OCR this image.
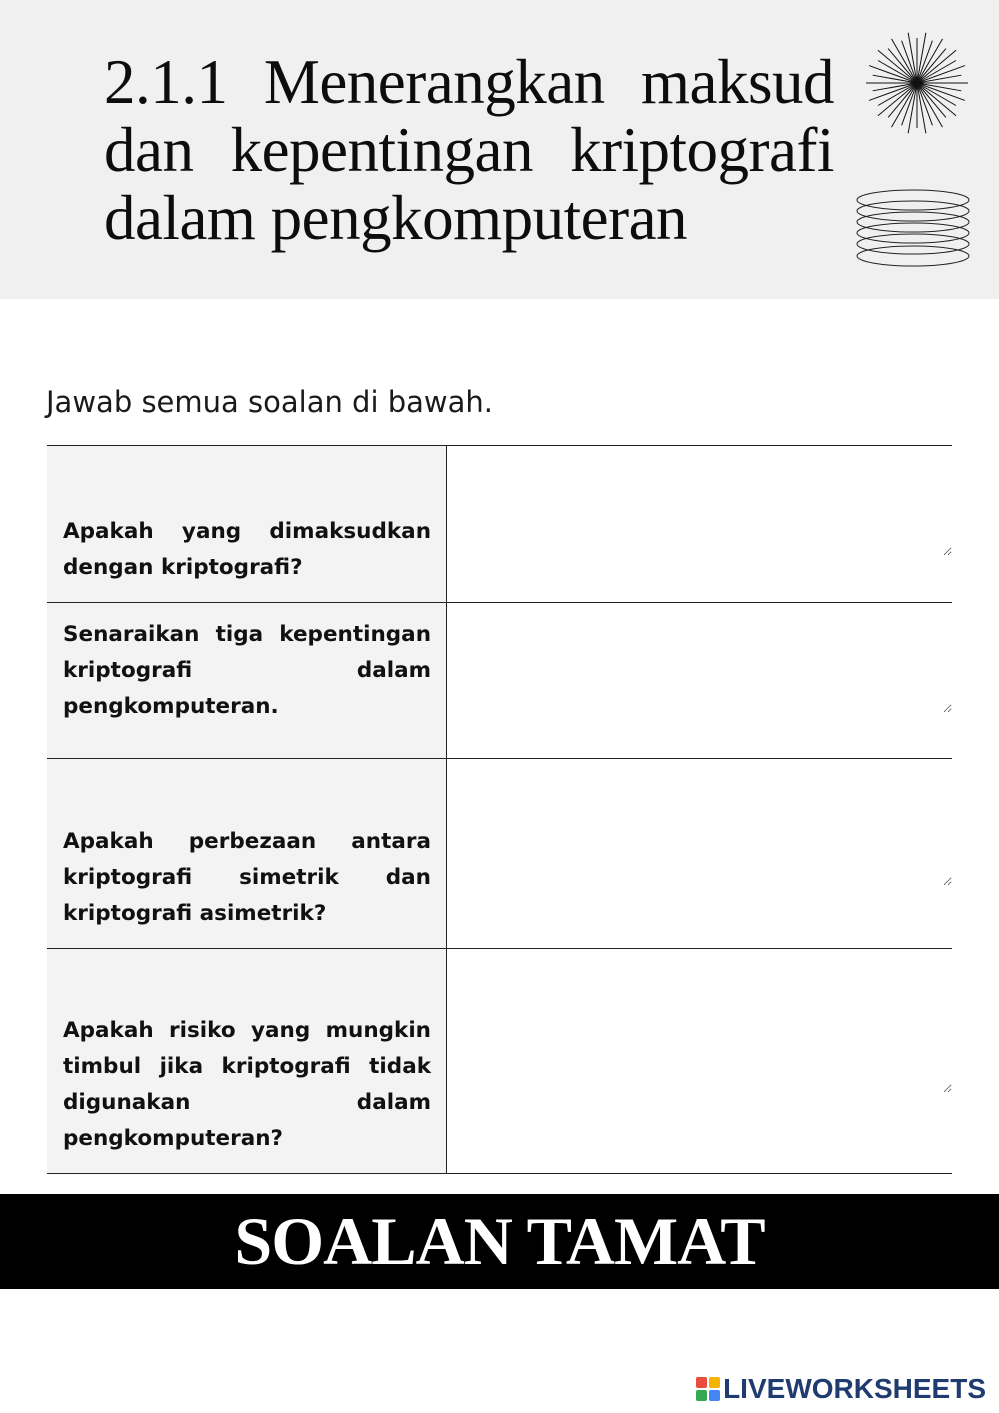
2.1.1 Menerangkan maksud dan kepentingan kriptografi dalam pengkomputeran
Jawab semua soalan di bawah.
Apakah yang dimaksudkan dengan kriptografi?

Senaraikan tiga kepentingan kriptografi dalam pengkomputeran.

Apakah perbezaan antara kriptografi simetrik dan kriptografi asimetrik?

Apakah risiko yang mungkin timbul jika kriptografi tidak digunakan dalam pengkomputeran?

SOALAN TAMAT
LIVEWORKSHEETS
